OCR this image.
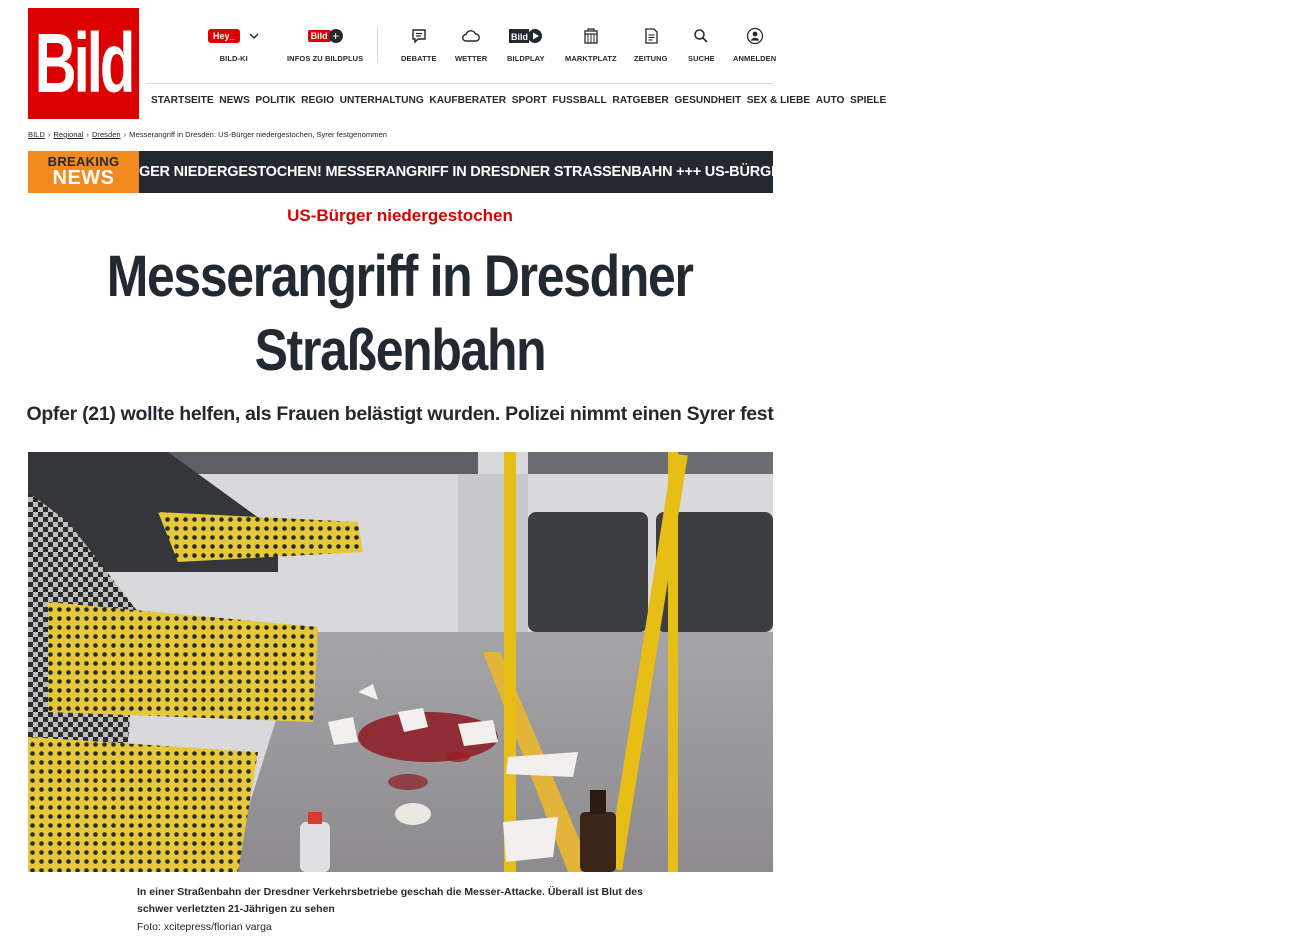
Bild	Hey_
BILD-KI
Bild +
INFOS ZU BILDPLUS	DEBATTE WETTER
Bild
BILDPLAY	MARKTPLATZ ZEITUNG	SUCHE ANMELDEN
STARTSEITE NEWS POLITIK REGIO UNTERHALTUNG KAUFBERATER SPORT FUSSBALL RATGEBER GESUNDHEIT SEX & LIEBE AUTO SPIELE
BILD › Regional › Dresden › Messerangriff in Dresden: US-Bürger niedergestochen, Syrer festgenommen
BREAKING
NEWS GER NIEDERGESTOCHEN! MESSERANGRIFF IN DRESDNER STRASSENBAHN +++ US-BÜRGER NIEDERGESTOCHEN! MESSERANGRIFF IN DRESDNER STRASSENBAHN
US-Bürger niedergestochen
Messerangriff in Dresdner
Straßenbahn
Opfer (21) wollte helfen, als Frauen belästigt wurden. Polizei nimmt einen Syrer fest
In einer Straßenbahn der Dresdner Verkehrsbetriebe geschah die Messer-Attacke. Überall ist Blut des schwer verletzten 21-Jährigen zu sehen
Foto: xcitepress/florian varga
